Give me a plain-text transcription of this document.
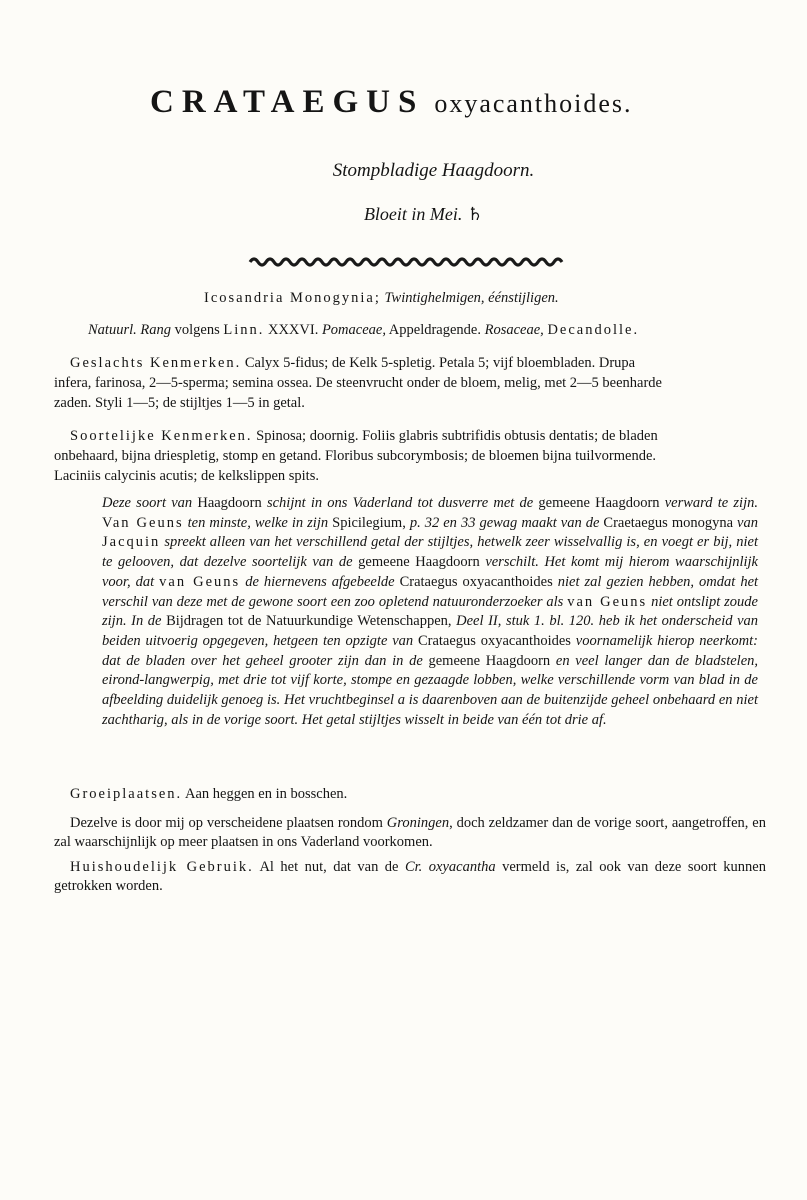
CRATAEGUS oxyacanthoides.
Stompbladige Haagdoorn.
Bloeit in Mei. ♄
Icosandria Monogynia; Twintighelmigen, éénstijligen.
Natuurl. Rang volgens Linn. XXXVI. Pomaceae, Appeldragende. Rosaceae, Decandolle.
Geslachts Kenmerken. Calyx 5-fidus; de Kelk 5-spletig. Petala 5; vijf bloembladen. Drupa
infera, farinosa, 2—5-sperma; semina ossea. De steenvrucht onder de bloem, melig, met 2—5 beenharde
zaden. Styli 1—5; de stijltjes 1—5 in getal.
Soortelijke Kenmerken. Spinosa; doornig. Foliis glabris subtrifidis obtusis dentatis; de bladen
onbehaard, bijna driespletig, stomp en getand. Floribus subcorymbosis; de bloemen bijna tuilvormende.
Laciniis calycinis acutis; de kelkslippen spits.
Deze soort van Haagdoorn schijnt in ons Vaderland tot dusverre met de gemeene Haagdoorn verward te zijn. Van Geuns ten minste, welke in zijn Spicilegium, p. 32 en 33 gewag maakt van de Craetaegus monogyna van Jacquin spreekt alleen van het verschillend getal der stijltjes, hetwelk zeer wisselvallig is, en voegt er bij, niet te gelooven, dat dezelve soortelijk van de gemeene Haagdoorn verschilt. Het komt mij hierom waarschijnlijk voor, dat van Geuns de hiernevens afgebeelde Crataegus oxyacanthoides niet zal gezien hebben, omdat het verschil van deze met de gewone soort een zoo opletend natuuronderzoeker als van Geuns niet ontslipt zoude zijn. In de Bijdragen tot de Natuurkundige Wetenschappen, Deel II, stuk 1. bl. 120. heb ik het onderscheid van beiden uitvoerig opgegeven, hetgeen ten opzigte van Crataegus oxyacanthoides voornamelijk hierop neerkomt: dat de bladen over het geheel grooter zijn dan in de gemeene Haagdoorn en veel langer dan de bladstelen, eirond-langwerpig, met drie tot vijf korte, stompe en gezaagde lobben, welke verschillende vorm van blad in de afbeelding duidelijk genoeg is. Het vruchtbeginsel a is daarenboven aan de buitenzijde geheel onbehaard en niet zachtharig, als in de vorige soort. Het getal stijltjes wisselt in beide van één tot drie af.
Groeiplaatsen. Aan heggen en in bosschen.
Dezelve is door mij op verscheidene plaatsen rondom Groningen, doch zeldzamer dan de vorige soort, aangetroffen, en zal waarschijnlijk op meer plaatsen in ons Vaderland voorkomen.
Huishoudelijk Gebruik. Al het nut, dat van de Cr. oxyacantha vermeld is, zal ook van deze soort kunnen getrokken worden.
